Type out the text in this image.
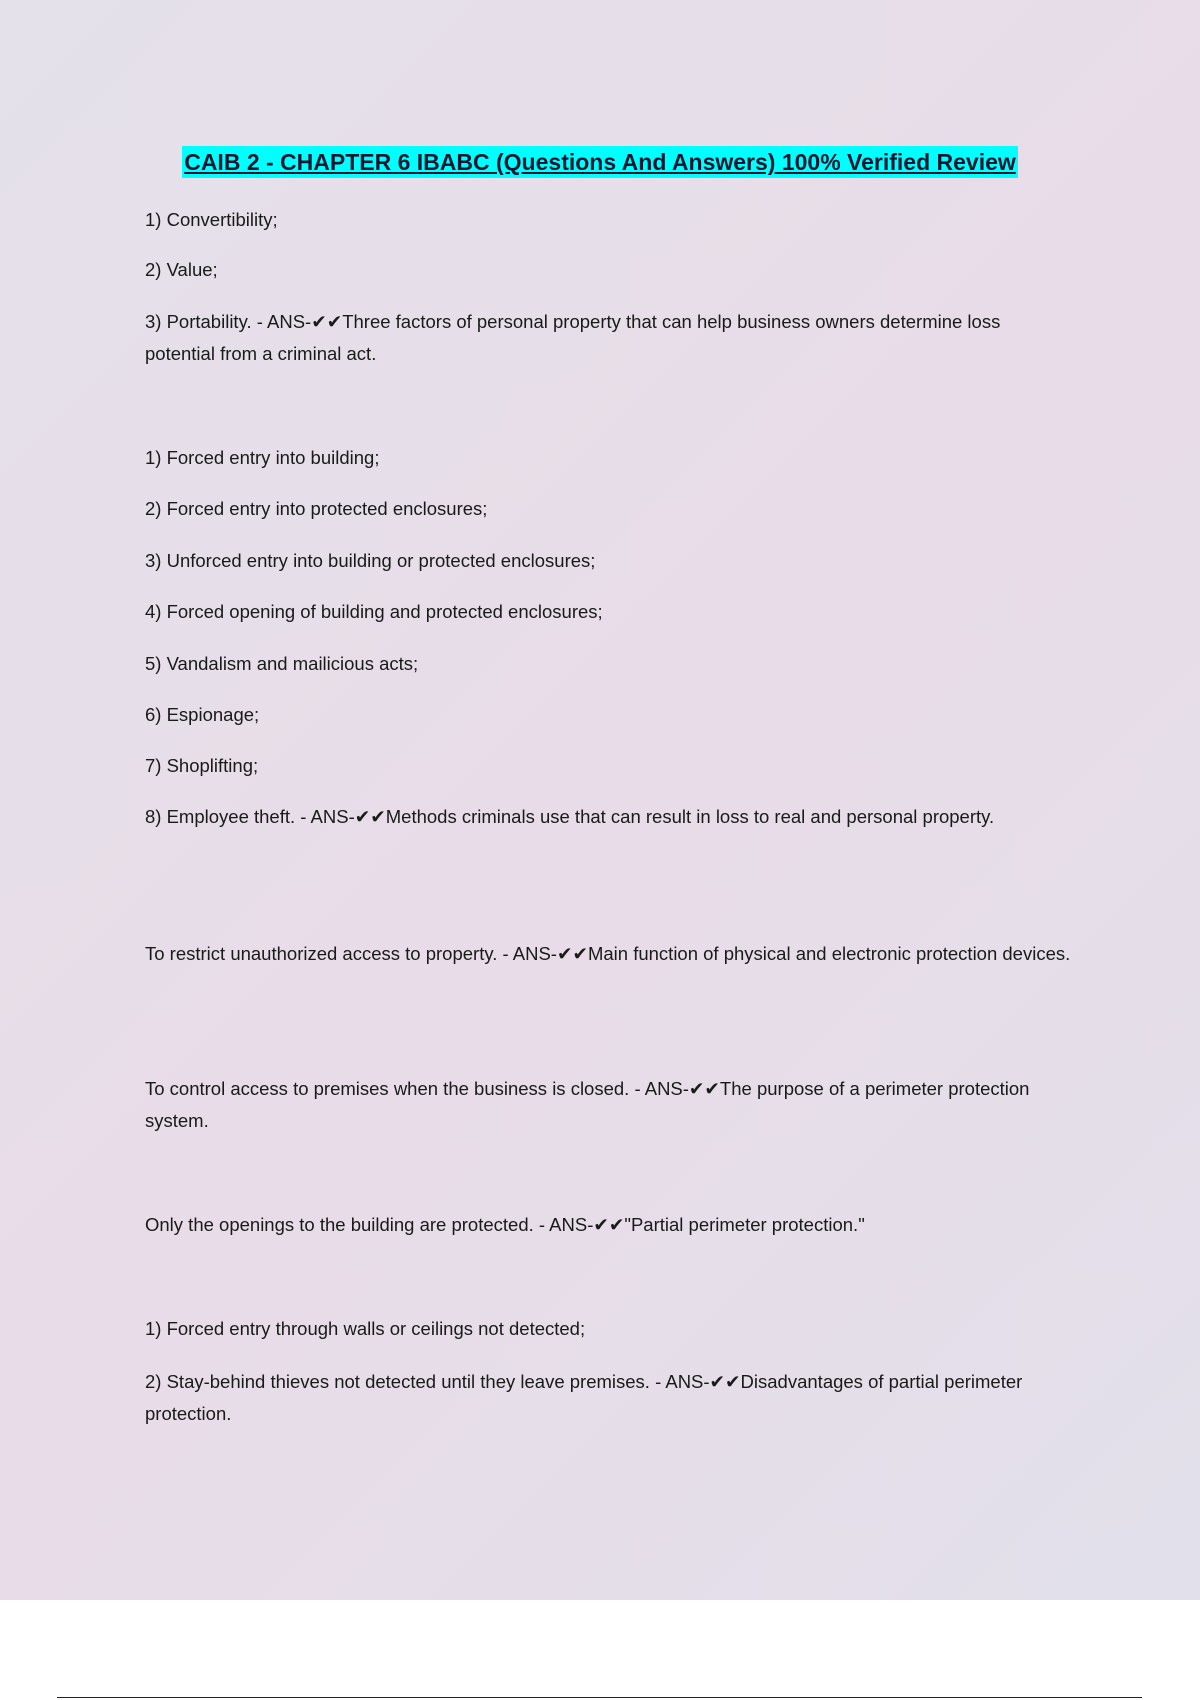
CAIB 2 - CHAPTER 6 IBABC (Questions And Answers) 100% Verified Review
1) Convertibility;
2) Value;
3) Portability. - ANS-✔✔Three factors of personal property that can help business owners determine loss potential from a criminal act.
1) Forced entry into building;
2) Forced entry into protected enclosures;
3) Unforced entry into building or protected enclosures;
4) Forced opening of building and protected enclosures;
5) Vandalism and mailicious acts;
6) Espionage;
7) Shoplifting;
8) Employee theft. - ANS-✔✔Methods criminals use that can result in loss to real and personal property.
To restrict unauthorized access to property. - ANS-✔✔Main function of physical and electronic protection devices.
To control access to premises when the business is closed. - ANS-✔✔The purpose of a perimeter protection system.
Only the openings to the building are protected. - ANS-✔✔"Partial perimeter protection."
1) Forced entry through walls or ceilings not detected;
2) Stay-behind thieves not detected until they leave premises. - ANS-✔✔Disadvantages of partial perimeter protection.
